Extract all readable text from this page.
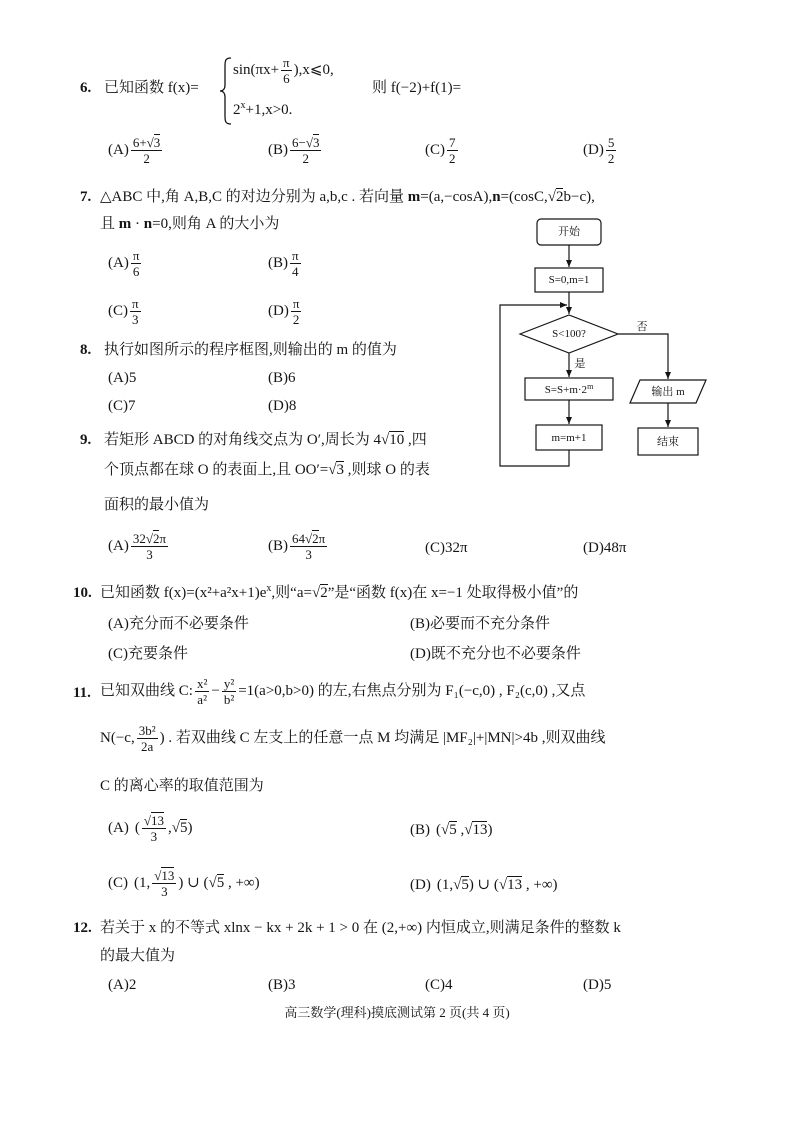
6. 已知函数 f(x)=
$\sin(\pi x+ \frac{\pi}{6}$ ),x⩽0,
$2^x+1,x>0$.
则 f(−2)+f(1)=
$(A) \frac{6+√3}{2}$	$(B) \frac{6-√3}{2}$	$(C) \frac{7}{2}$	$(D) \frac{5}{2}$
7. △ABC 中,角 A,B,C 的对边分别为 a,b,c . 若向量 m=(a,−cosA),n=(cosC,√2b−c),
且 m · n=0,则角 A 的大小为
$(A) \frac{\pi}{6}$	$(B) \frac{\pi}{4}$
$(C) \frac{\pi}{3}$	$(D) \frac{\pi}{2}$
8. 执行如图所示的程序框图,则输出的 m 的值为
(A)5	(B)6
(C)7	(D)8
9. 若矩形 ABCD 的对角线交点为 O′,周长为 4√10 ,四
个顶点都在球 O 的表面上,且 OO′=√3 ,则球 O 的表
面积的最小值为
$(A) \frac{32√2\pi}{3}$	$(B) \frac{64√2\pi}{3}$	(C)32π	(D)48π
10. 已知函数 $f(x)=(x^2+a^2x+1)e^x$,则“a=√2”是“函数 f(x)在 x=−1 处取得极小值”的
(A)充分而不必要条件	(B)必要而不充分条件
(C)充要条件	(D)既不充分也不必要条件
11. 已知双曲线 C: $\frac{\text{x²}}{\text{a²}} - \frac{\text{y²}}{\text{b²}} =1(a>0,b>0)$ 的左,右焦点分别为 F₁(−c,0) , F₂(c,0) ,又点
N(−c, $\frac{\text{3b²}}{2a}$ ) . 若双曲线 C 左支上的任意一点 M 均满足 |MF₂|+|MN|>4b ,则双曲线
C 的离心率的取值范围为
(A) ( $\frac{√13}{3} ,√5$)	(B) (√5 ,√13)
(C) (1, $\frac{√13}{3}$ ) ∪ (√5 , +∞)	(D) (1,√5) ∪ (√13 , +∞)
12. 若关于 x 的不等式 xlnx − kx + 2k + 1 > 0 在 (2,+∞) 内恒成立,则满足条件的整数 k
的最大值为
(A)2	(B)3	(C)4	(D)5
开始
S=0,m=1
S<100?
否
是
$S=S+m\cdot 2^m$
m=m+1
输出 m
结束
高三数学(理科)摸底测试第 2 页(共 4 页)
